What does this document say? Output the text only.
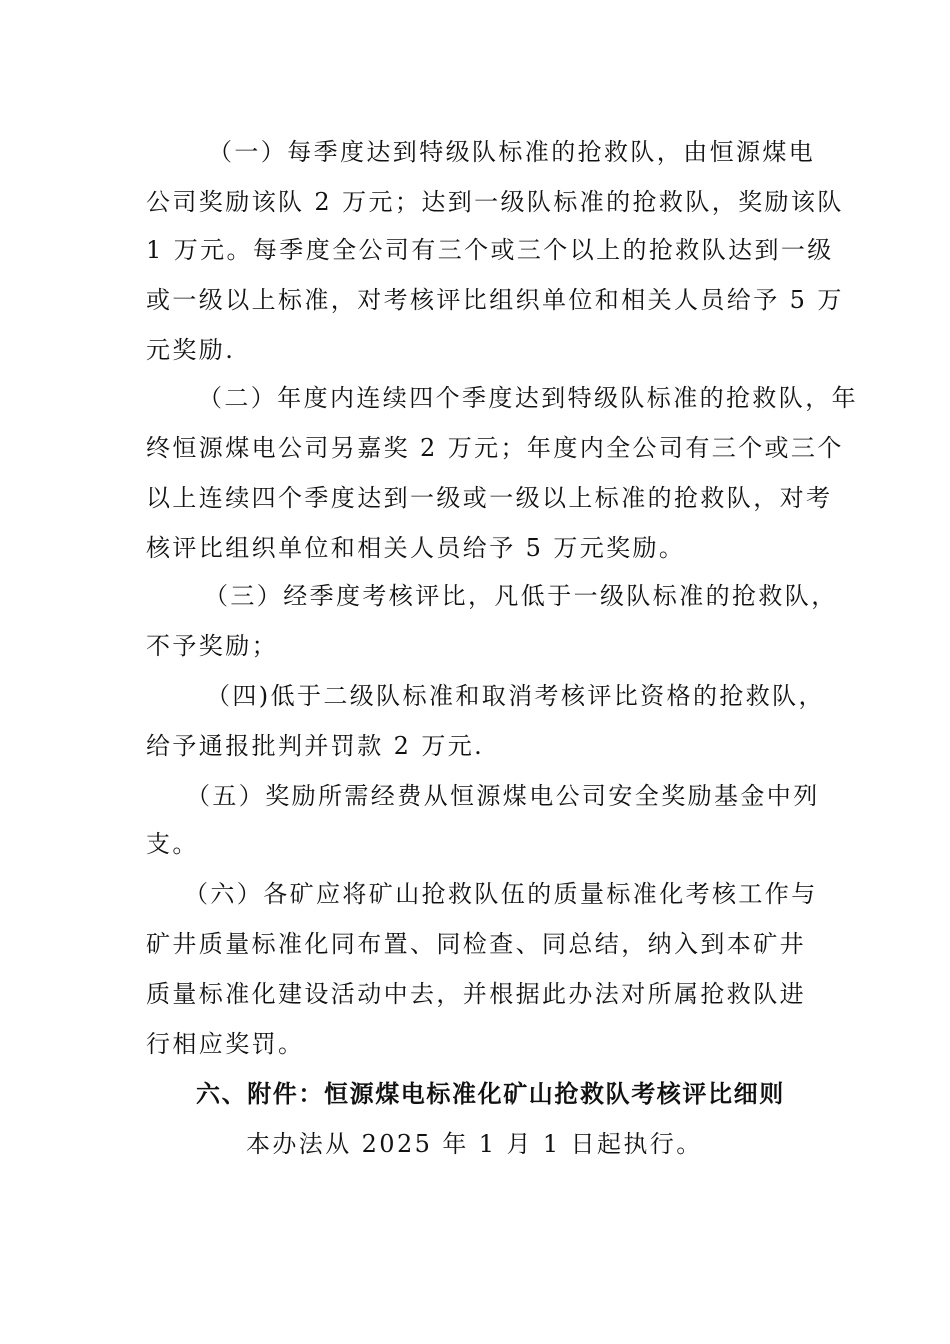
（一）每季度达到特级队标准的抢救队，由恒源煤电
公司奖励该队 2 万元；达到一级队标准的抢救队，奖励该队
1 万元。每季度全公司有三个或三个以上的抢救队达到一级
或一级以上标准，对考核评比组织单位和相关人员给予 5 万
元奖励.
（二）年度内连续四个季度达到特级队标准的抢救队，年
终恒源煤电公司另嘉奖 2 万元；年度内全公司有三个或三个
以上连续四个季度达到一级或一级以上标准的抢救队，对考
核评比组织单位和相关人员给予 5 万元奖励。
（三）经季度考核评比，凡低于一级队标准的抢救队，
不予奖励；
（四)低于二级队标准和取消考核评比资格的抢救队，
给予通报批判并罚款 2 万元.
（五）奖励所需经费从恒源煤电公司安全奖励基金中列
支。
（六）各矿应将矿山抢救队伍的质量标准化考核工作与
矿井质量标准化同布置、同检查、同总结，纳入到本矿井
质量标准化建设活动中去，并根据此办法对所属抢救队进
行相应奖罚。
六、附件：恒源煤电标准化矿山抢救队考核评比细则
本办法从 2025 年 1 月 1 日起执行。
